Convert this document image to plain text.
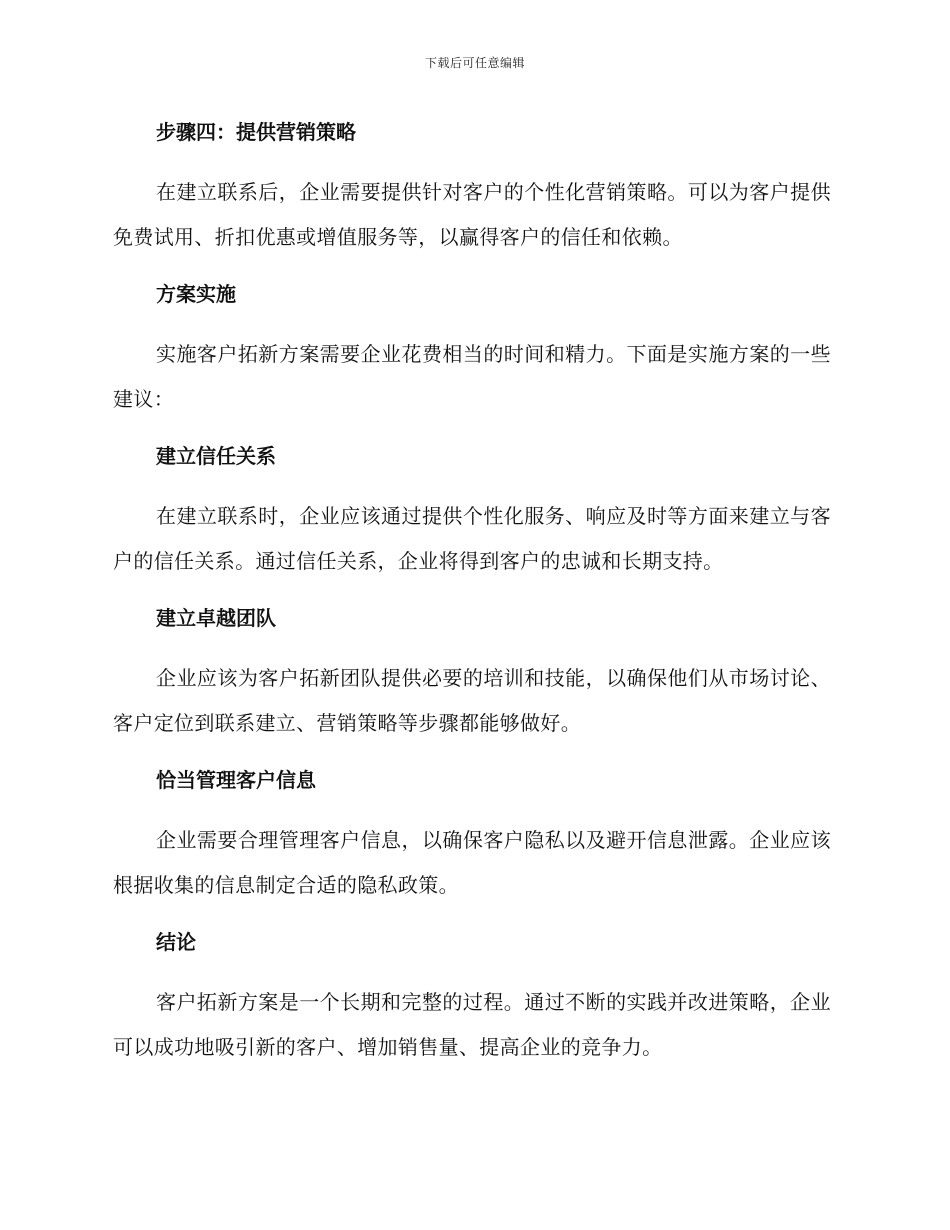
下载后可任意编辑
步骤四：提供营销策略

在建立联系后，企业需要提供针对客户的个性化营销策略。可以为客户提供免费试用、折扣优惠或增值服务等，以赢得客户的信任和依赖。

方案实施

实施客户拓新方案需要企业花费相当的时间和精力。下面是实施方案的一些建议：

建立信任关系

在建立联系时，企业应该通过提供个性化服务、响应及时等方面来建立与客户的信任关系。通过信任关系，企业将得到客户的忠诚和长期支持。

建立卓越团队

企业应该为客户拓新团队提供必要的培训和技能，以确保他们从市场讨论、客户定位到联系建立、营销策略等步骤都能够做好。

恰当管理客户信息

企业需要合理管理客户信息，以确保客户隐私以及避开信息泄露。企业应该根据收集的信息制定合适的隐私政策。

结论

客户拓新方案是一个长期和完整的过程。通过不断的实践并改进策略，企业可以成功地吸引新的客户、增加销售量、提高企业的竞争力。
